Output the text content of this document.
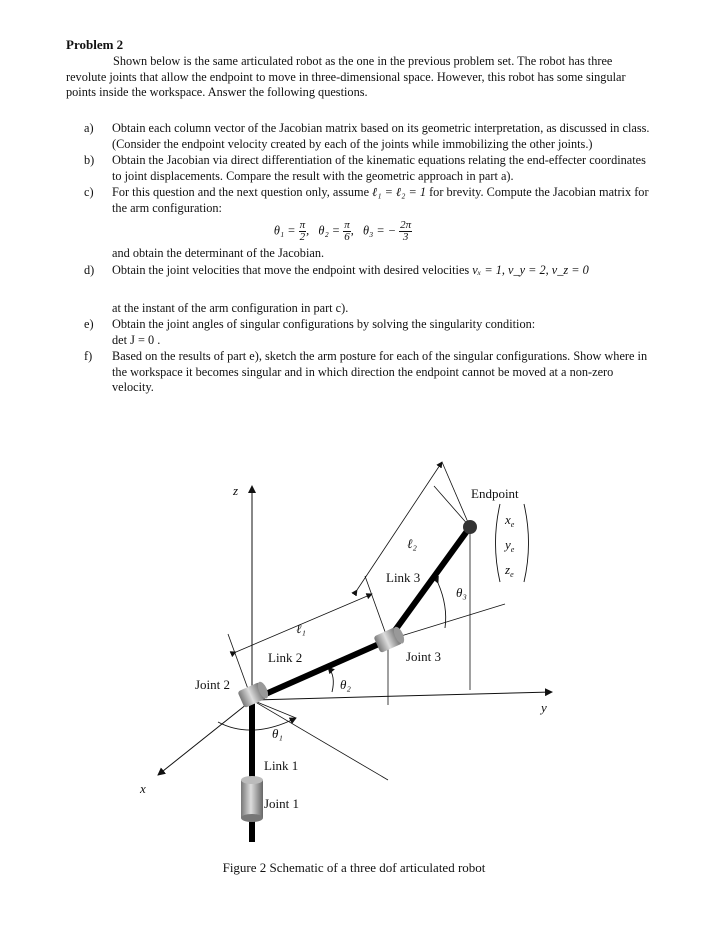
Problem 2
Shown below is the same articulated robot as the one in the previous problem set. The robot has three revolute joints that allow the endpoint to move in three-dimensional space. However, this robot has some singular points inside the workspace. Answer the following questions.
a)	Obtain each column vector of the Jacobian matrix based on its geometric interpretation, as discussed in class. (Consider the endpoint velocity created by each of the joints while immobilizing the other joints.)
b)	Obtain the Jacobian via direct differentiation of the kinematic equations relating the end-effecter coordinates to joint displacements. Compare the result with the geometric approach in part a).
c)	For this question and the next question only, assume ℓ₁ = ℓ₂ = 1 for brevity. Compute the Jacobian matrix for the arm configuration:
$\theta_1 = \frac{\pi}{2}$ ,   $\theta_2 = \frac{\pi}{6}$ ,   θ₃ = − $\frac{2\pi}{3}$
and obtain the determinant of the Jacobian.
d)	Obtain the joint velocities that move the endpoint with desired velocities vₓ = 1, v_y = 2, v_z = 0

at the instant of the arm configuration in part c).
e)	Obtain the joint angles of singular configurations by solving the singularity condition:
det J = 0 .
f)	Based on the results of part e), sketch the arm posture for each of the singular configurations. Show where in the workspace it becomes singular and in which direction the endpoint cannot be moved at a non-zero velocity.
z
y
x
$x_e$
$y_e$
$z_e$
Endpoint
ℓ₂
ℓ₁
Link 3
Link 2
Link 1
Joint 3
Joint 2
Joint 1
θ₁
θ₂
θ₃
Figure 2 Schematic of a three dof articulated robot
